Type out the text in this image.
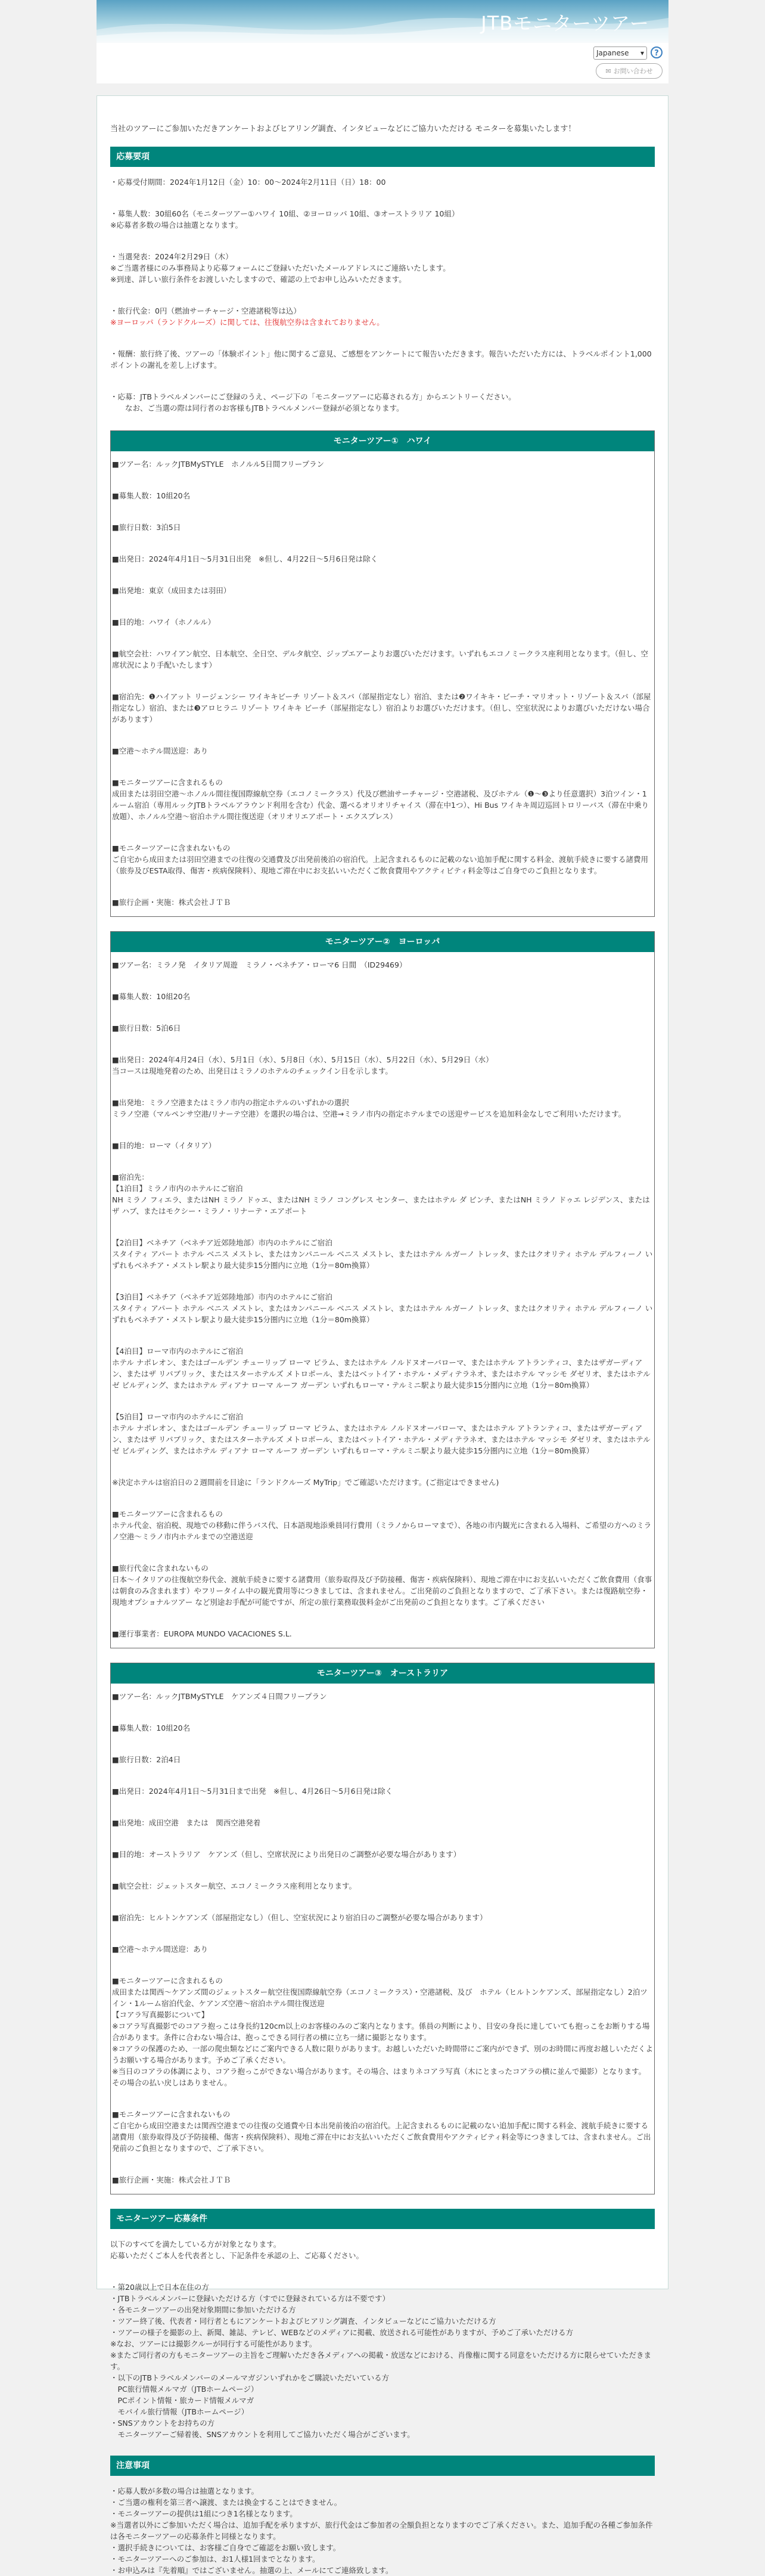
JTBモニターツアー
Japanese ▾	?
✉ お問い合わせ

当社のツアーにご参加いただきアンケートおよびヒアリング調査、インタビューなどにご協力いただける モニターを募集いたします！

応募要項

・応募受付期間：2024年1月12日（金）10：00〜2024年2月11日（日）18：00

・募集人数：30組60名（モニターツアー①ハワイ 10組、②ヨーロッパ 10組、③オーストラリア 10組）

※応募者多数の場合は抽選となります。

・当選発表：2024年2月29日（木）

※ご当選者様にのみ事務局より応募フォームにご登録いただいたメールアドレスにご連絡いたします。

※到達、詳しい旅行条件をお渡しいたしますので、確認の上でお申し込みいただきます。

・旅行代金：0円（燃油サーチャージ・空港諸税等は込）

※ヨーロッパ（ランドクルーズ）に関しては、往復航空券は含まれておりません。

・報酬：旅行終了後、ツアーの「体験ポイント」他に関するご意見、ご感想をアンケートにて報告いただきます。報告いただいた方には、トラベルポイント1,000ポイントの謝礼を差し上げます。

・応募：JTBトラベルメンバーにご登録のうえ、ページ下の「モニターツアーに応募される方」からエントリーください。

　　なお、ご当選の際は同行者のお客様もJTBトラベルメンバー登録が必須となります。

モニターツアー①　ハワイ

■ツアー名：ルックJTBMySTYLE　ホノルル5日間フリープラン

■募集人数：10組20名

■旅行日数：3泊5日

■出発日：2024年4月1日〜5月31日出発　※但し、4月22日〜5月6日発は除く

■出発地：東京（成田または羽田）

■目的地：ハワイ（ホノルル）

■航空会社：ハワイアン航空、日本航空、全日空、デルタ航空、ジップエアーよりお選びいただけます。いずれもエコノミークラス座利用となります。（但し、空席状況により手配いたします）

■宿泊先：❶ハイアット リージェンシー ワイキキビーチ リゾート＆スパ（部屋指定なし）宿泊、または❷ワイキキ・ビーチ・マリオット・リゾート＆スパ（部屋指定なし）宿泊、または❸アロヒラニ リゾート ワイキキ ビーチ（部屋指定なし）宿泊よりお選びいただけます。（但し、空室状況によりお選びいただけない場合があります）

■空港〜ホテル間送迎：あり

■モニターツアーに含まれるもの

成田または羽田空港〜ホノルル間往復国際線航空券（エコノミークラス）代及び燃油サーチャージ・空港諸税、及びホテル（❶〜❸より任意選択）3泊ツイン・1ルーム宿泊（専用ルックJTBトラベルアラウンド利用を含む）代金、選べるオリオリチャイス（滞在中1つ）、Hi Bus ワイキキ周辺巡回トロリーバス（滞在中乗り放題）、ホノルル空港〜宿泊ホテル間往復送迎（オリオリエアポート・エクスプレス）

■モニターツアーに含まれないもの

ご自宅から成田または羽田空港までの往復の交通費及び出発前後泊の宿泊代。上記含まれるものに記載のない追加手配に関する料金、渡航手続きに要する諸費用（旅券及びESTA取得、傷害・疾病保険料）、現地ご滞在中にお支払いいただくご飲食費用やアクティビティ料金等はご自身でのご負担となります。

■旅行企画・実施：株式会社ＪＴＢ

モニターツアー②　ヨーロッパ

■ツアー名：ミラノ発　イタリア周遊　ミラノ・ベネチア・ローマ6 日間　（ID29469）

■募集人数：10組20名

■旅行日数：5泊6日

■出発日：2024年4月24日（水）、5月1日（水）、5月8日（水）、5月15日（水）、5月22日（水）、5月29日（水）

当コースは現地発着のため、出発日はミラノのホテルのチェックイン日を示します。

■出発地：ミラノ空港またはミラノ市内の指定ホテルのいずれかの選択

ミラノ空港（マルペンサ空港/リナーテ空港）を選択の場合は、空港→ミラノ市内の指定ホテルまでの送迎サービスを追加料金なしでご利用いただけます。

■目的地：ローマ（イタリア）

■宿泊先：

【1泊目】ミラノ市内のホテルにご宿泊

NH ミラノ フィエラ、またはNH ミラノ ドゥエ、またはNH ミラノ コングレス センター、またはホテル ダ ビンチ、またはNH ミラノ ドゥエ レジデンス、またはザ ハブ、またはモクシー・ミラノ・リナーテ・エアポート

【2泊目】ベネチア（ベネチア近郊陸地部）市内のホテルにご宿泊

スタイティ アパート ホテル ベニス メストレ、またはカンパニール ベニス メストレ、またはホテル ルガーノ トレッタ、またはクオリティ ホテル デルフィーノ いずれもベネチア・メストレ駅より最大徒歩15分圏内に立地（1分＝80m換算）

【3泊目】ベネチア（ベネチア近郊陸地部）市内のホテルにご宿泊

スタイティ アパート ホテル ベニス メストレ、またはカンパニール ベニス メストレ、またはホテル ルガーノ トレッタ、またはクオリティ ホテル デルフィーノ いずれもベネチア・メストレ駅より最大徒歩15分圏内に立地（1分＝80m換算）

【4泊目】ローマ市内のホテルにご宿泊

ホテル ナポレオン、またはゴールデン チューリップ ローマ ピラム、またはホテル ノルドヌオーバローマ、またはホテル アトランティコ、またはザガーディアン、またはザ リパブリック、またはスターホテルズ メトロポール、またはベットイア・ホテル・メディテラネオ、またはホテル マッシモ ダゼリオ、またはホテル ゼ ビルディング、またはホテル ディアナ ローマ ルーフ ガーデン いずれもローマ・テルミニ駅より最大徒歩15分圏内に立地（1分＝80m換算）

【5泊目】ローマ市内のホテルにご宿泊

ホテル ナポレオン、またはゴールデン チューリップ ローマ ピラム、またはホテル ノルドヌオーバローマ、またはホテル アトランティコ、またはザガーディアン、またはザ リパブリック、またはスターホテルズ メトロポール、またはベットイア・ホテル・メディテラネオ、またはホテル マッシモ ダゼリオ、またはホテル ゼ ビルディング、またはホテル ディアナ ローマ ルーフ ガーデン いずれもローマ・テルミニ駅より最大徒歩15分圏内に立地（1分＝80m換算）

※決定ホテルは宿泊日の２週間前を目途に「ランドクルーズ MyTrip」でご確認いただけます。(ご指定はできません)

■モニターツアーに含まれるもの

ホテル代金、宿泊税、現地での移動に伴うバス代、日本語現地添乗員同行費用（ミラノからローマまで）、各地の市内観光に含まれる入場料、ご希望の方へのミラノ空港〜ミラノ市内ホテルまでの空港送迎

■旅行代金に含まれないもの

日本〜イタリアの往復航空券代金、渡航手続きに要する諸費用（旅券取得及び予防接種、傷害・疾病保険料）、現地ご滞在中にお支払いいただくご飲食費用（食事は朝食のみ含まれます）やフリータイム中の観光費用等につきましては、含まれません。ご出発前のご負担となりますので、ご了承下さい。または復路航空券・現地オプショナルツアー など別途お手配が可能ですが、所定の旅行業務取扱料金がご出発前のご負担となります。ご了承ください

■運行事業者：EUROPA MUNDO VACACIONES S.L.

モニターツアー③　オーストラリア

■ツアー名：ルックJTBMySTYLE　ケアンズ４日間フリープラン

■募集人数：10組20名

■旅行日数：2泊4日

■出発日：2024年4月1日〜5月31日まで出発　※但し、4月26日〜5月6日発は除く

■出発地：成田空港　または　関西空港発着

■目的地：オーストラリア　ケアンズ（但し、空席状況により出発日のご調整が必要な場合があります）

■航空会社：ジェットスター航空、エコノミークラス座利用となります。

■宿泊先：ヒルトンケアンズ（部屋指定なし）（但し、空室状況により宿泊日のご調整が必要な場合があります）

■空港〜ホテル間送迎：あり

■モニターツアーに含まれるもの

成田または関西〜ケアンズ間のジェットスター航空往復国際線航空券（エコノミークラス）・空港諸税、及び　ホテル（ヒルトンケアンズ、部屋指定なし）2泊ツイン・1ルーム宿泊代金、ケアンズ空港〜宿泊ホテル間往復送迎

【コアラ写真撮影について】

※コアラ写真撮影でのコアラ抱っこは身長約120cm以上のお客様のみのご案内となります。係員の判断により、目安の身長に達していても抱っこをお断りする場合があります。条件に合わない場合は、抱っこできる同行者の横に立ち一緒に撮影となります。

※コアラの保護のため、一部の爬虫類などにご案内できる人数に限りがあります。お越しいただいた時間帯にご案内ができず、別のお時間に再度お越しいただくようお願いする場合があります。予めご了承ください。

※当日のコアラの体調により、コアラ抱っこができない場合があります。その場合、はまりネコアラ写真（木にとまったコアラの横に並んで撮影）となります。その場合の払い戻しはありません。

■モニターツアーに含まれないもの

ご自宅から成田空港または関西空港までの往復の交通費や日本出発前後泊の宿泊代。上記含まれるものに記載のない追加手配に関する料金、渡航手続きに要する諸費用（旅券取得及び予防接種、傷害・疾病保険料）、現地ご滞在中にお支払いいただくご飲食費用やアクティビティ料金等につきましては、含まれません。ご出発前のご負担となりますので、ご了承下さい。

■旅行企画・実施：株式会社ＪＴＢ

モニターツアー応募条件

以下のすべてを満たしている方が対象となります。

応募いただくご本人を代表者とし、下記条件を承認の上、ご応募ください。

・第20歳以上で日本在住の方

・JTBトラベルメンバーに登録いただける方（すでに登録されている方は不要です）

・各モニターツアーの出発対象期間に参加いただける方

・ツアー終了後、代表者・同行者ともにアンケートおよびヒアリング調査、インタビューなどにご協力いただける方

・ツアーの様子を撮影の上、新聞、雑誌、テレビ、WEBなどのメディアに掲載、放送される可能性がありますが、予めご了承いただける方

※なお、ツアーには撮影クルーが同行する可能性があります。

※またご同行者の方もモニターツアーの主旨をご理解いただき各メディアへの掲載・放送などにおける、肖像権に関する同意をいただける方に限らせていただきます。

・以下のJTBトラベルメンバーのメールマガジンいずれかをご購読いただいている方

　PC旅行情報メルマガ（JTBホームページ）

　PCポイント情報・旅カード情報メルマガ

　モバイル旅行情報（JTBホームページ）

・SNSアカウントをお持ちの方

　モニターツアーご帰着後、SNSアカウントを利用してご協力いただく場合がございます。

注意事項

・応募人数が多数の場合は抽選となります。

・ご当選の権利を第三者へ譲渡、または換金することはできません。

・モニターツアーの提供は1組につき1名様となります。

※当選者以外にご参加いただく場合は、追加手配を承りますが、旅行代金はご参加者の全額負担となりますのでご了承ください。また、追加手配の各種ご参加条件は各モニターツアーの応募条件と同様となります。

・選択手続きについては、お客様ご自身でご確認をお願い致します。

・モニターツアーへのご参加は、お1人様1回までとなります。

・お申込みは『先着順』ではございません。抽選の上、メールにてご連絡致します。
